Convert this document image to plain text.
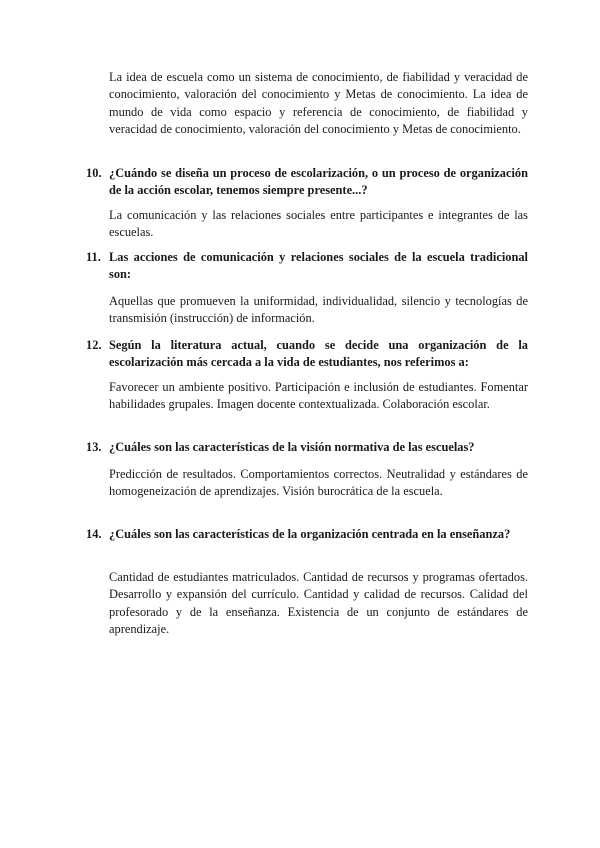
La idea de escuela como un sistema de conocimiento, de fiabilidad y veracidad de conocimiento, valoración del conocimiento y Metas de conocimiento. La idea de mundo de vida como espacio y referencia de conocimiento, de fiabilidad y veracidad de conocimiento, valoración del conocimiento y Metas de conocimiento.

10. ¿Cuándo se diseña un proceso de escolarización, o un proceso de organización de la acción escolar, tenemos siempre presente...?

La comunicación y las relaciones sociales entre participantes e integrantes de las escuelas.

11. Las acciones de comunicación y relaciones sociales de la escuela tradicional son:

Aquellas que promueven la uniformidad, individualidad, silencio y tecnologías de transmisión (instrucción) de información.

12. Según la literatura actual, cuando se decide una organización de la escolarización más cercada a la vida de estudiantes, nos referimos a:

Favorecer un ambiente positivo. Participación e inclusión de estudiantes. Fomentar habilidades grupales. Imagen docente contextualizada. Colaboración escolar.

13. ¿Cuáles son las características de la visión normativa de las escuelas?

Predicción de resultados. Comportamientos correctos. Neutralidad y estándares de homogeneización de aprendizajes. Visión burocrática de la escuela.

14. ¿Cuáles son las características de la organización centrada en la enseñanza?

Cantidad de estudiantes matriculados. Cantidad de recursos y programas ofertados. Desarrollo y expansión del currículo. Cantidad y calidad de recursos. Calidad del profesorado y de la enseñanza. Existencia de un conjunto de estándares de aprendizaje.
